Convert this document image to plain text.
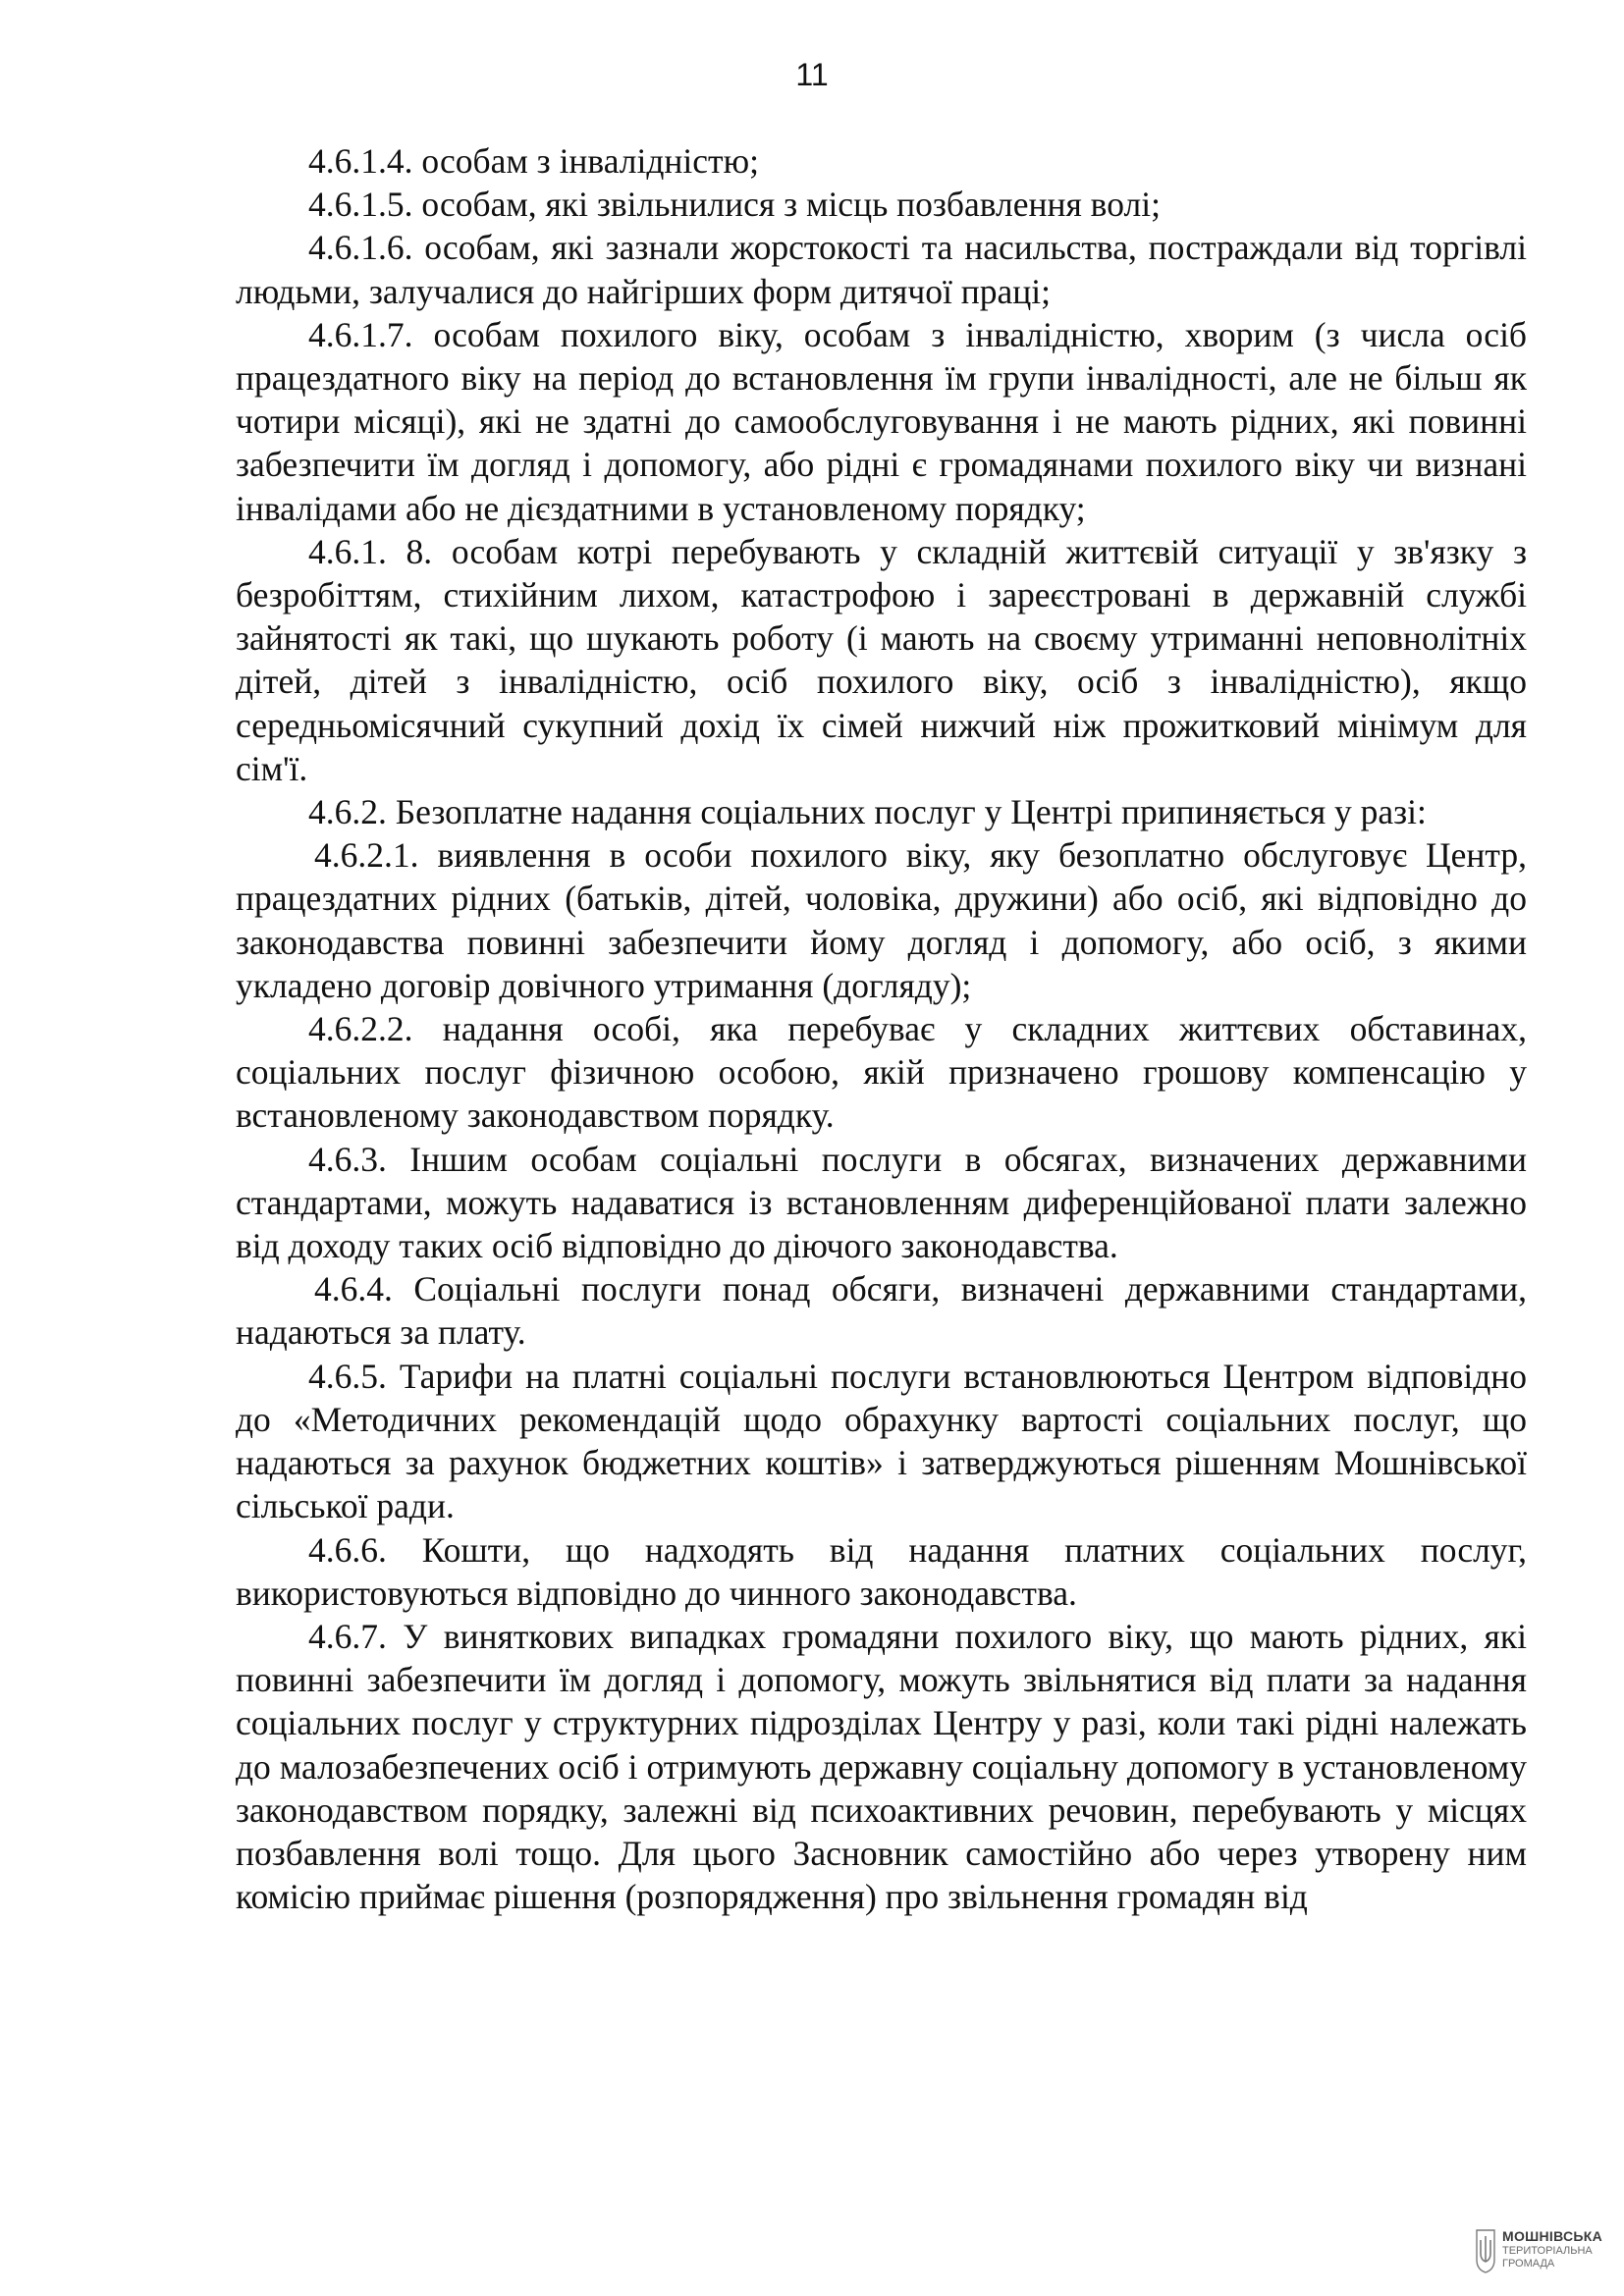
11

4.6.1.4. особам з інвалідністю;

4.6.1.5. особам, які звільнилися з місць позбавлення волі;

4.6.1.6. особам, які зазнали жорстокості та насильства, постраждали від торгівлі людьми, залучалися до найгірших форм дитячої праці;

4.6.1.7. особам похилого віку, особам з інвалідністю, хворим (з числа осіб працездатного віку на період до встановлення їм групи інвалідності, але не більш як чотири місяці), які не здатні до самообслуговування і не мають рідних, які повинні забезпечити їм догляд і допомогу, або рідні є громадянами похилого віку чи визнані інвалідами або не дієздатними в установленому порядку;

4.6.1. 8. особам котрі перебувають у складній життєвій ситуації у зв'язку з безробіттям, стихійним лихом, катастрофою і зареєстровані в державній службі зайнятості як такі, що шукають роботу (і мають на своєму утриманні неповнолітніх дітей, дітей з інвалідністю, осіб похилого віку, осіб з інвалідністю), якщо середньомісячний сукупний дохід їх сімей нижчий ніж прожитковий мінімум для сім'ї.

4.6.2. Безоплатне надання соціальних послуг у Центрі припиняється у разі:

4.6.2.1. виявлення в особи похилого віку, яку безоплатно обслуговує Центр, працездатних рідних (батьків, дітей, чоловіка, дружини) або осіб, які відповідно до законодавства повинні забезпечити йому догляд і допомогу, або осіб, з якими укладено договір довічного утримання (догляду);

4.6.2.2. надання особі, яка перебуває у складних життєвих обставинах, соціальних послуг фізичною особою, якій призначено грошову компенсацію у встановленому законодавством порядку.

4.6.3. Іншим особам соціальні послуги в обсягах, визначених державними стандартами, можуть надаватися із встановленням диференційованої плати залежно від доходу таких осіб відповідно до діючого законодавства.

4.6.4. Соціальні послуги понад обсяги, визначені державними стандартами, надаються за плату.

4.6.5. Тарифи на платні соціальні послуги встановлюються Центром відповідно до «Методичних рекомендацій щодо обрахунку вартості соціальних послуг, що надаються за рахунок бюджетних коштів» і затверджуються рішенням Мошнівської сільської ради.

4.6.6. Кошти, що надходять від надання платних соціальних послуг, використовуються відповідно до чинного законодавства.

4.6.7. У виняткових випадках громадяни похилого віку, що мають рідних, які повинні забезпечити їм догляд і допомогу, можуть звільнятися від плати за надання соціальних послуг у структурних підрозділах Центру у разі, коли такі рідні належать до малозабезпечених осіб і отримують державну соціальну допомогу в установленому законодавством порядку, залежні від психоактивних речовин, перебувають у місцях позбавлення волі тощо. Для цього Засновник самостійно або через утворену ним комісію приймає рішення (розпорядження) про звільнення громадян від

МОШНІВСЬКА
ТЕРИТОРІАЛЬНА
ГРОМАДА
